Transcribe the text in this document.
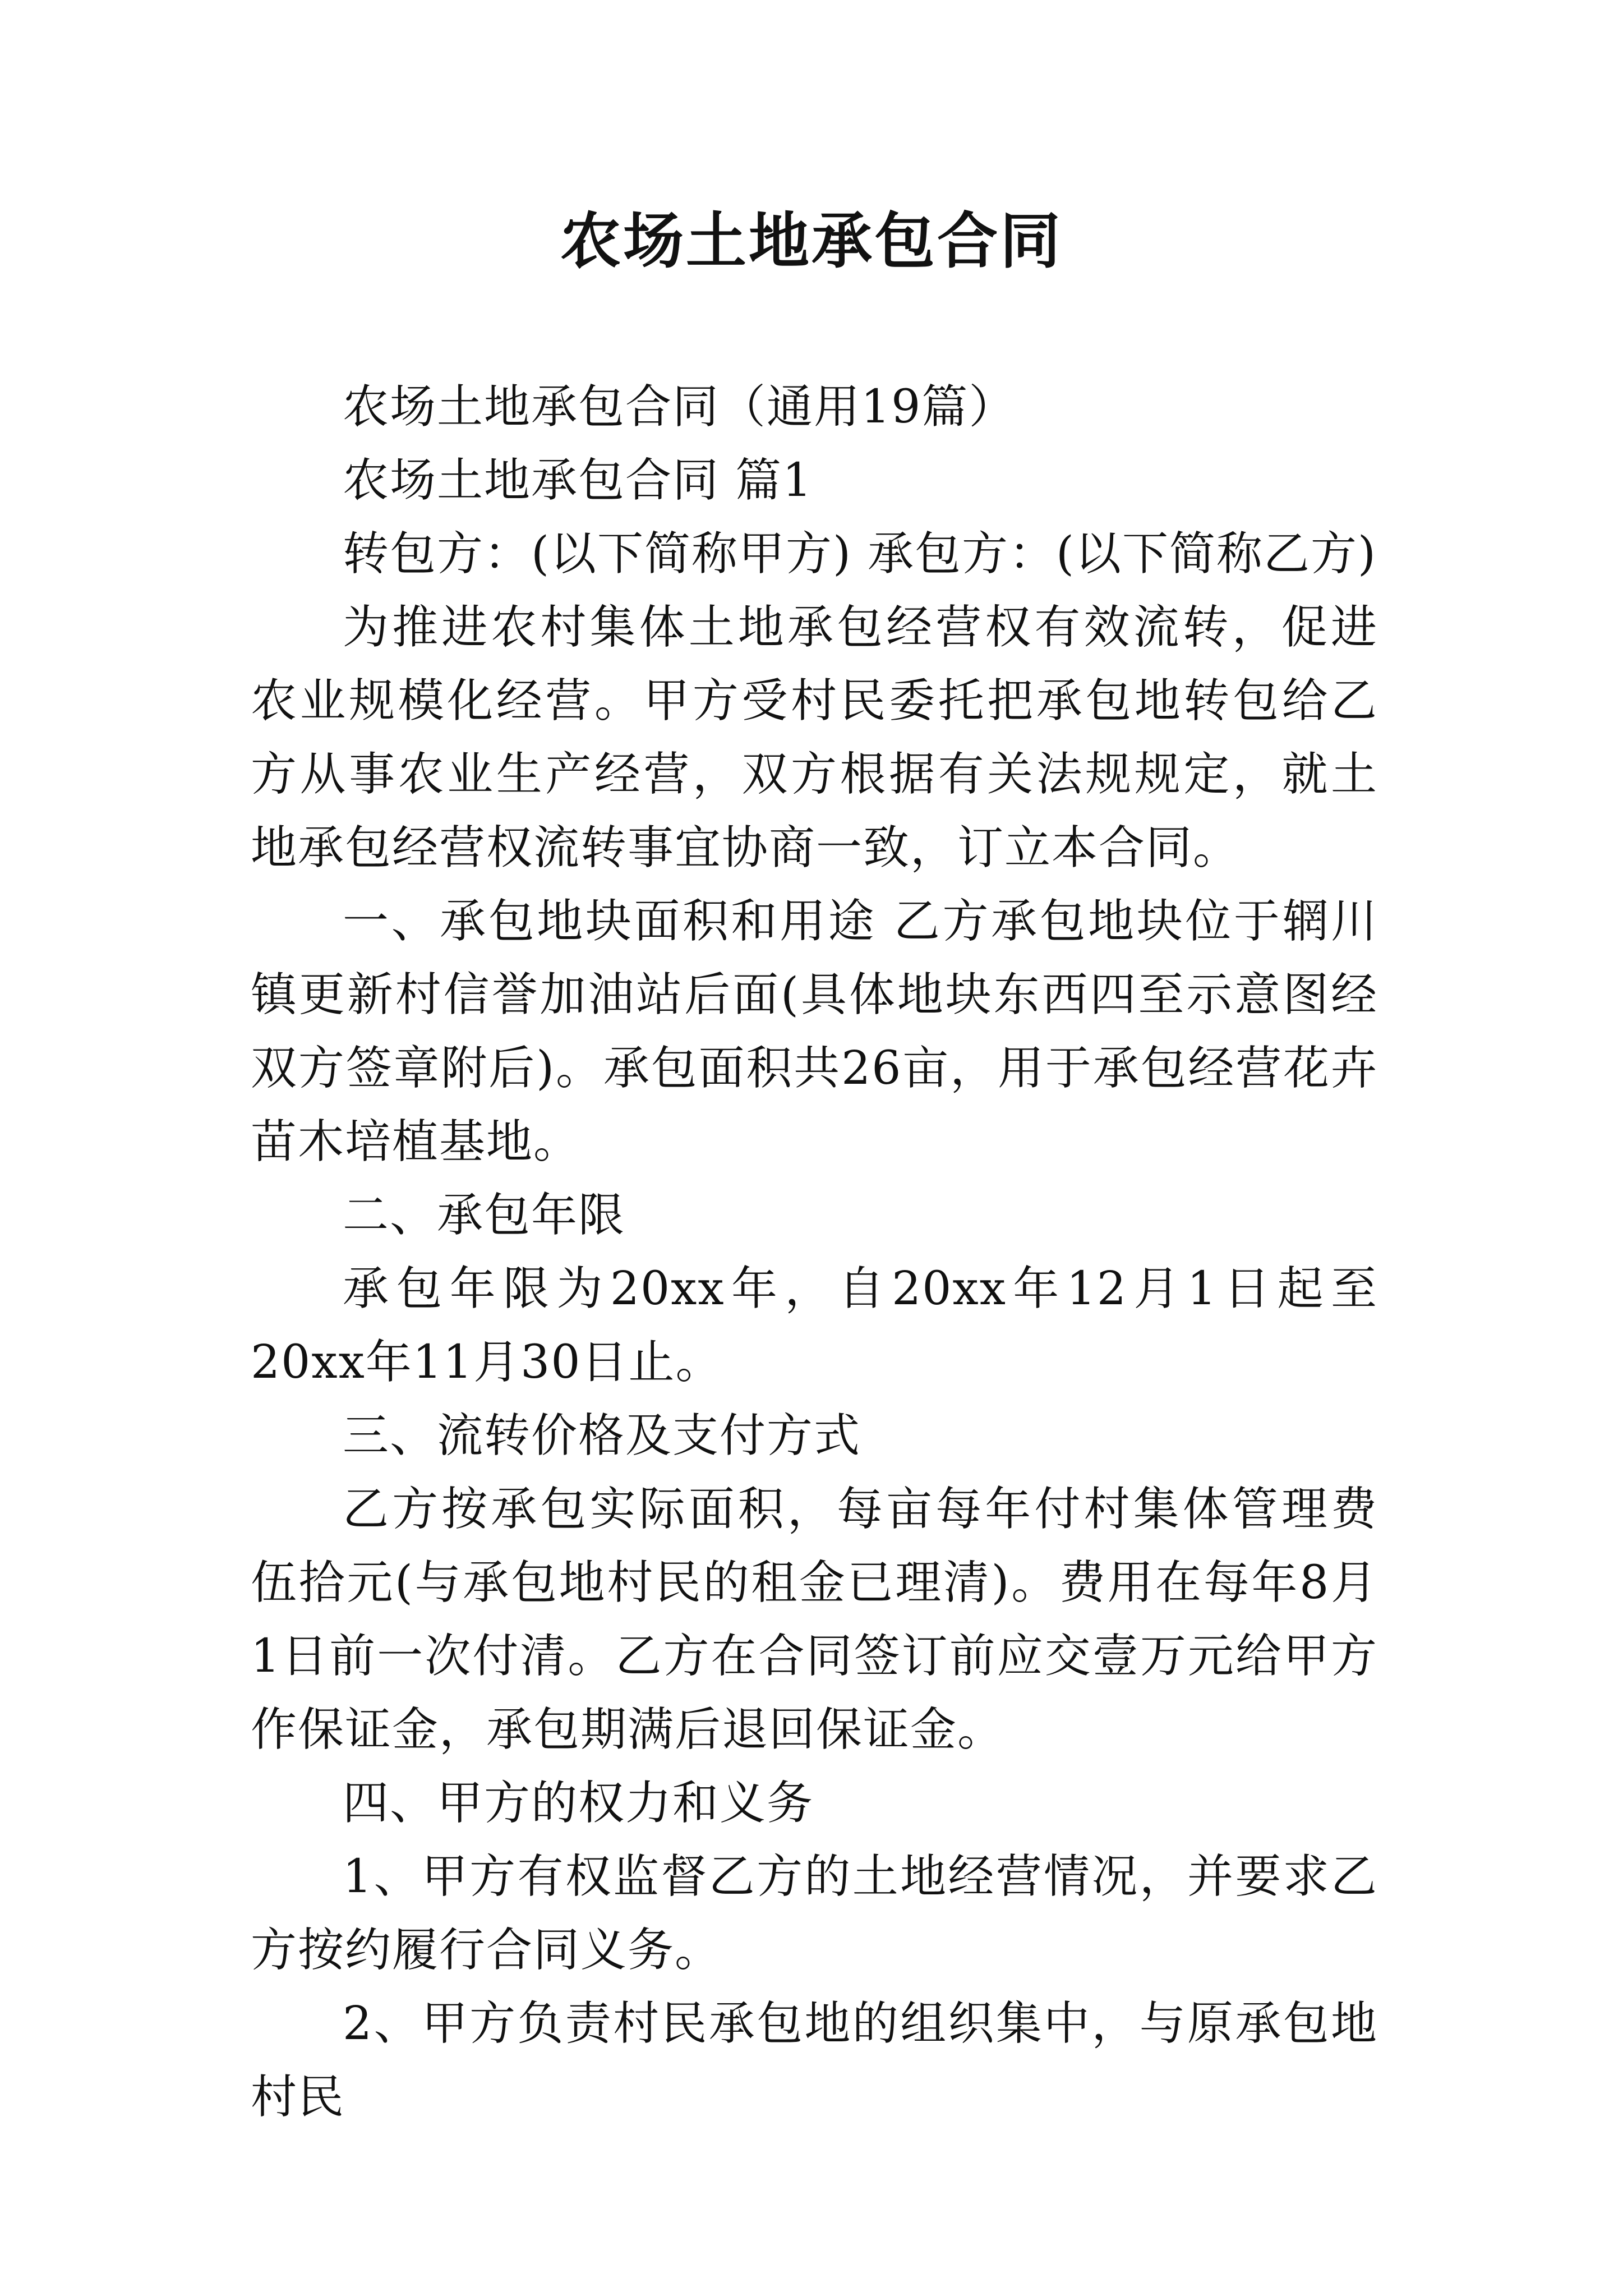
农场土地承包合同

农场土地承包合同（通用19篇）

农场土地承包合同 篇1

转包方：(以下简称甲方) 承包方：(以下简称乙方)

为推进农村集体土地承包经营权有效流转，促进农业规模化经营。甲方受村民委托把承包地转包给乙方从事农业生产经营，双方根据有关法规规定，就土地承包经营权流转事宜协商一致，订立本合同。

一、承包地块面积和用途 乙方承包地块位于辋川镇更新村信誉加油站后面(具体地块东西四至示意图经双方签章附后)。承包面积共26亩，用于承包经营花卉苗木培植基地。

二、承包年限

承包年限为20xx年，自20xx年12月1日起至20xx年11月30日止。

三、流转价格及支付方式

乙方按承包实际面积，每亩每年付村集体管理费伍拾元(与承包地村民的租金已理清)。费用在每年8月1日前一次付清。乙方在合同签订前应交壹万元给甲方作保证金，承包期满后退回保证金。

四、甲方的权力和义务

1、甲方有权监督乙方的土地经营情况，并要求乙方按约履行合同义务。

2、甲方负责村民承包地的组织集中，与原承包地村民
